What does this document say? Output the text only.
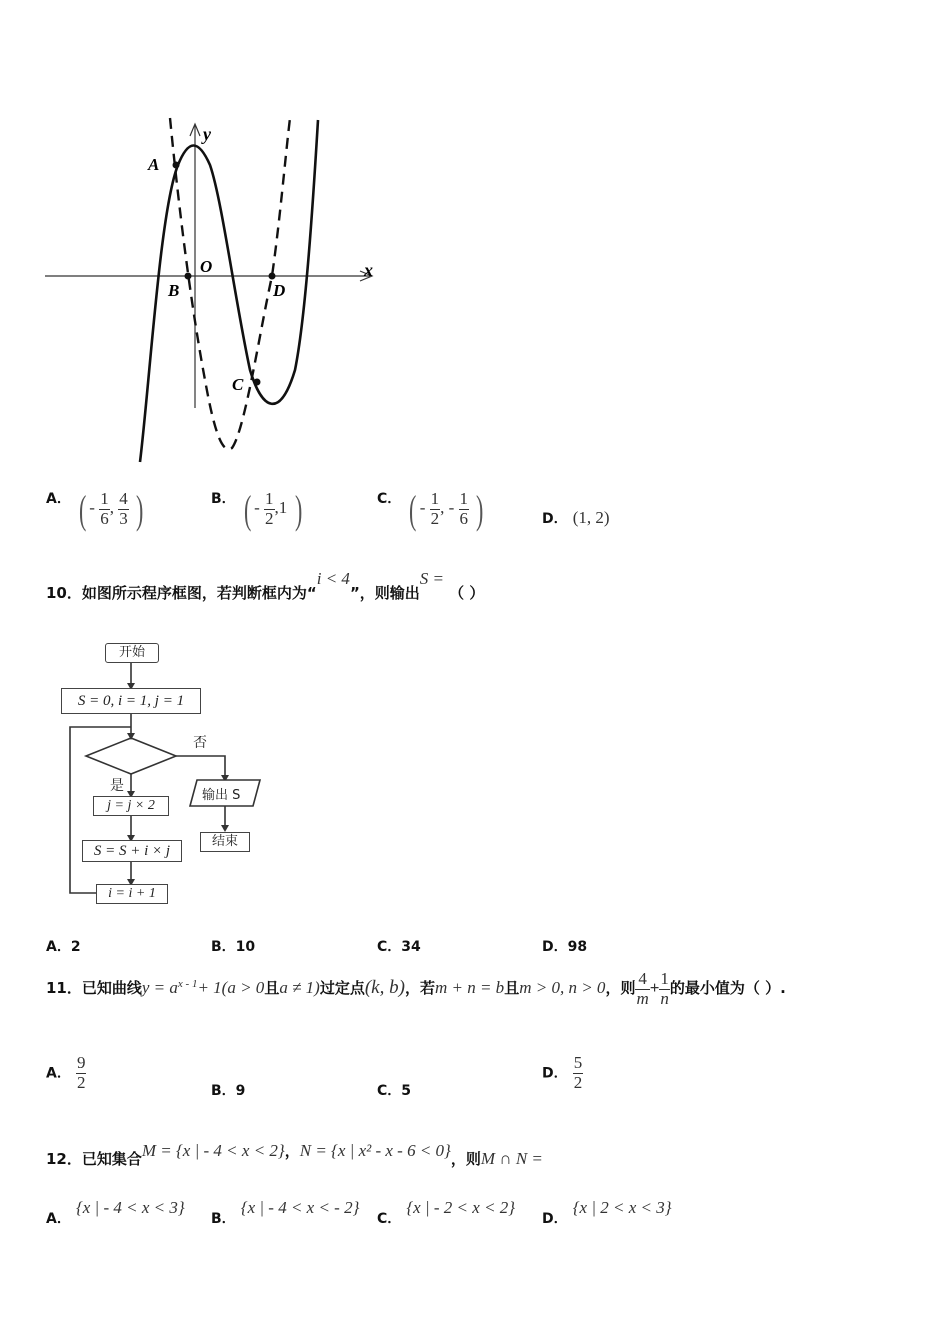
y
x
O
A
B	D
C
A． ( - $\frac{1}{6}$ , $\frac{4}{3}$ )	B． ( - $\frac{1}{2} ,1$ )	C． ( - $\frac{1}{2}$ , - $\frac{1}{6}$ )	D． (1, 2)
10．如图所示程序框图，若判断框内为“i < 4”，则输出S = （ ）
开始
S = 0, i = 1, j = 1
否
是
j = j × 2
S = S + i × j
i = i + 1
输出 S
结束
A．2	B．10	C．34	D．98
11．已知曲线$y = a^{x - 1}+ 1(a > 0$且a ≠ 1)过定点(k, b)，若m + n = b且m > 0, n > 0，则 $\frac{4}{m} + \frac{1}{n}$ 的最小值为（ ）.
A． $\frac{9}{2}$	B．9	C．5
D． $\frac{5}{2}$
12．已知集合M = {x | - 4 < x < 2}，N = {x | x² - x - 6 < 0}，则M ∩ N =
A． {x | - 4 < x < 3}
B． {x | - 4 < x < - 2}
C． {x | - 2 < x < 2}
D． {x | 2 < x < 3}
